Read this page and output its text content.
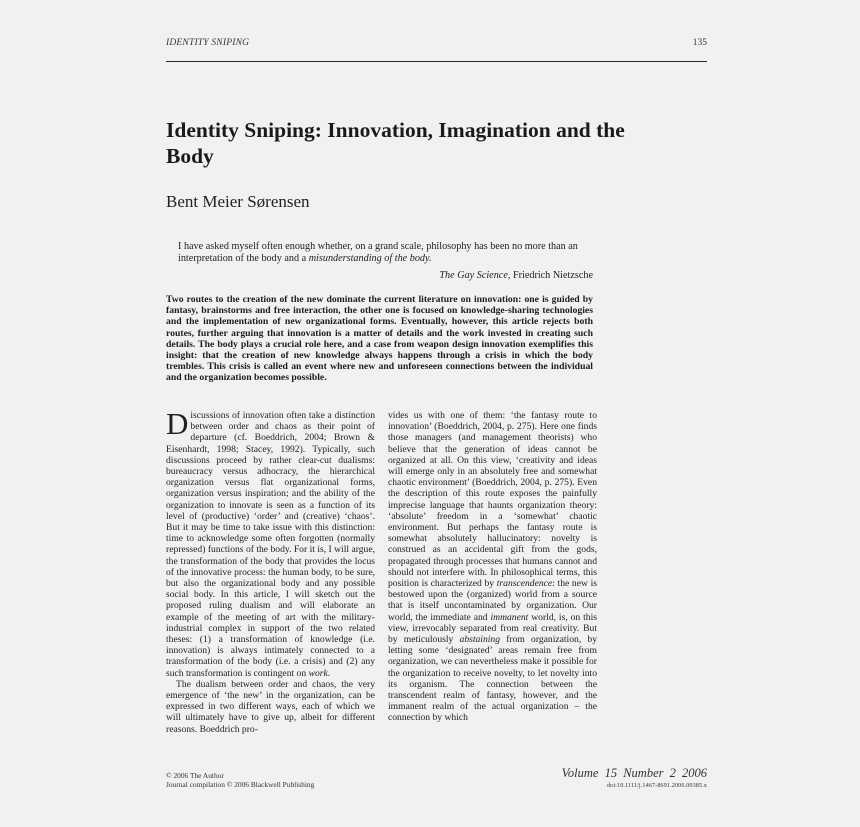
IDENTITY SNIPING	135
Identity Sniping: Innovation, Imagination and the Body
Bent Meier Sørensen
I have asked myself often enough whether, on a grand scale, philosophy has been no more than an interpretation of the body and a misunderstanding of the body.
The Gay Science, Friedrich Nietzsche

Two routes to the creation of the new dominate the current literature on innovation: one is guided by fantasy, brainstorms and free interaction, the other one is focused on knowledge-sharing technologies and the implementation of new organizational forms. Eventually, however, this article rejects both routes, further arguing that innovation is a matter of details and the work invested in creating such details. The body plays a crucial role here, and a case from weapon design innovation exemplifies this insight: that the creation of new knowledge always happens through a crisis in which the body trembles. This crisis is called an event where new and unforeseen connections between the individual and the organization becomes possible.

Discussions of innovation often take a distinction between order and chaos as their point of departure (cf. Boeddrich, 2004; Brown & Eisenhardt, 1998; Stacey, 1992). Typically, such discussions proceed by rather clear-cut dualisms: bureaucracy versus adhocracy, the hierarchical organization versus flat organizational forms, organization versus inspiration; and the ability of the organization to innovate is seen as a function of its level of (productive) ‘order’ and (creative) ‘chaos’. But it may be time to take issue with this distinction: time to acknowledge some often forgotten (normally repressed) functions of the body. For it is, I will argue, the transformation of the body that provides the locus of the innovative process: the human body, to be sure, but also the organizational body and any possible social body. In this article, I will sketch out the proposed ruling dualism and will elaborate an example of the meeting of art with the military-industrial complex in support of the two related theses: (1) a transformation of knowledge (i.e. innovation) is always intimately connected to a transformation of the body (i.e. a crisis) and (2) any such transformation is contingent on work.

The dualism between order and chaos, the very emergence of ‘the new’ in the organization, can be expressed in two different ways, each of which we will ultimately have to give up, albeit for different reasons. Boeddrich pro-

vides us with one of them: ‘the fantasy route to innovation’ (Boeddrich, 2004, p. 275). Here one finds those managers (and management theorists) who believe that the generation of ideas cannot be organized at all. On this view, ‘creativity and ideas will emerge only in an absolutely free and somewhat chaotic environment’ (Boeddrich, 2004, p. 275). Even the description of this route exposes the painfully imprecise language that haunts organization theory: ‘absolute’ freedom in a ‘somewhat’ chaotic environment. But perhaps the fantasy route is somewhat absolutely hallucinatory: novelty is construed as an accidental gift from the gods, propagated through processes that humans cannot and should not interfere with. In philosophical terms, this position is characterized by transcendence: the new is bestowed upon the (organized) world from a source that is itself uncontaminated by organization. Our world, the immediate and immanent world, is, on this view, irrevocably separated from real creativity. But by meticulously abstaining from organization, by letting some ‘designated’ areas remain free from organization, we can nevertheless make it possible for the organization to receive novelty, to let novelty into its organism. The connection between the transcendent realm of fantasy, however, and the immanent realm of the actual organization – the connection by which

© 2006 The Author
Journal compilation © 2006 Blackwell Publishing
Volume 15 Number 2 2006
doi:10.1111/j.1467-8691.2006.00385.x
